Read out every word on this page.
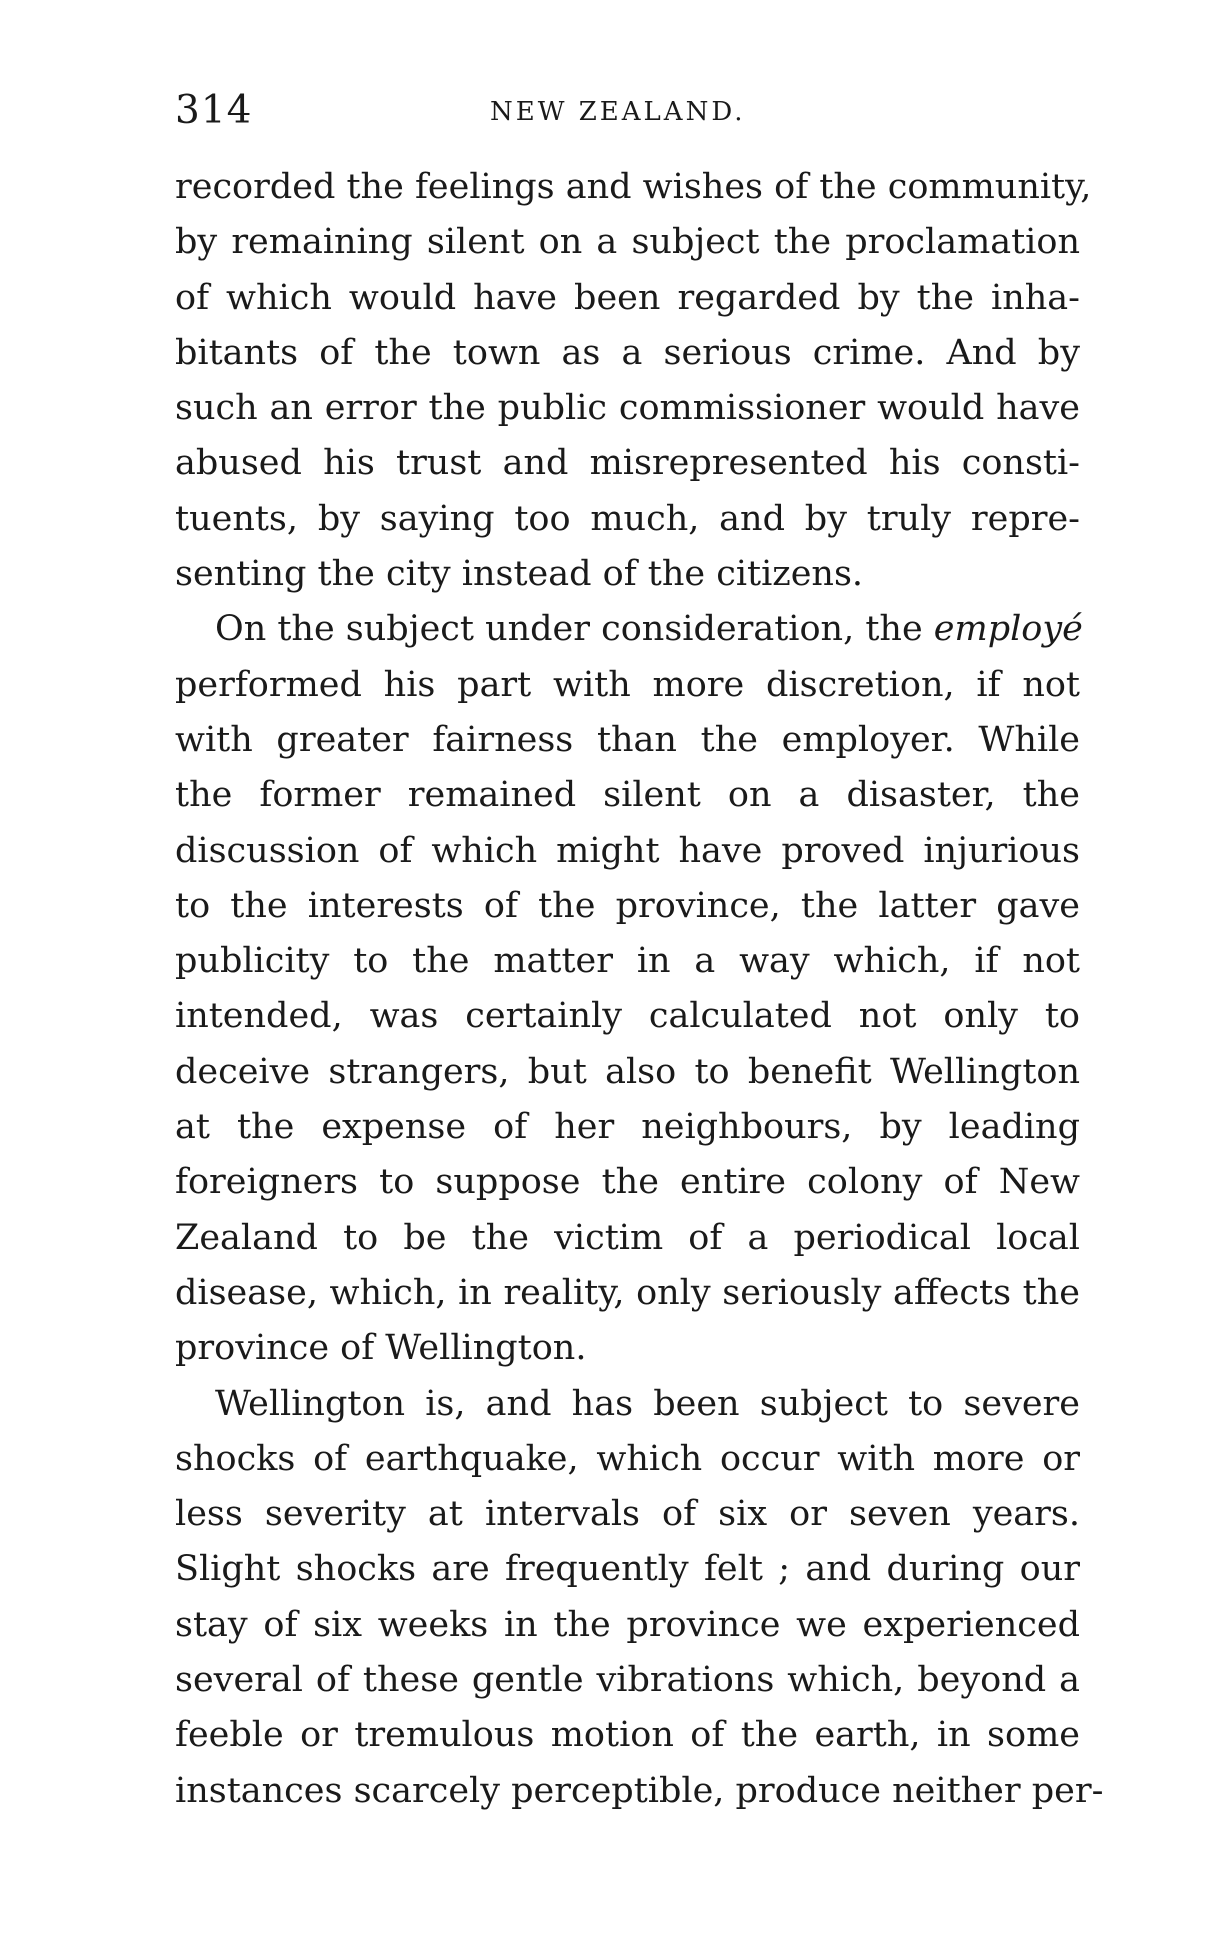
314	NEW ZEALAND.
recorded the feelings and wishes of the community,
by remaining silent on a subject the proclamation
of which would have been regarded by the inha-
bitants of the town as a serious crime. And by
such an error the public commissioner would have
abused his trust and misrepresented his consti-
tuents, by saying too much, and by truly repre-
senting the city instead of the citizens.
On the subject under consideration, the employé
performed his part with more discretion, if not
with greater fairness than the employer. While
the former remained silent on a disaster, the
discussion of which might have proved injurious
to the interests of the province, the latter gave
publicity to the matter in a way which, if not
intended, was certainly calculated not only to
deceive strangers, but also to benefit Wellington
at the expense of her neighbours, by leading
foreigners to suppose the entire colony of New
Zealand to be the victim of a periodical local
disease, which, in reality, only seriously affects the
province of Wellington.
Wellington is, and has been subject to severe
shocks of earthquake, which occur with more or
less severity at intervals of six or seven years.
Slight shocks are frequently felt ; and during our
stay of six weeks in the province we experienced
several of these gentle vibrations which, beyond a
feeble or tremulous motion of the earth, in some
instances scarcely perceptible, produce neither per-
